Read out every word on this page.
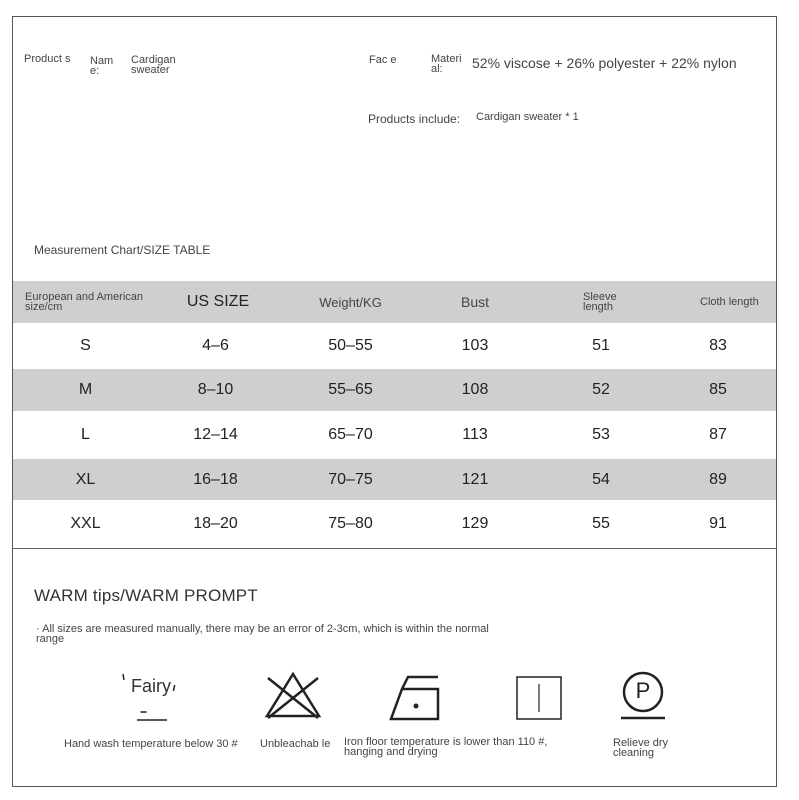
Product s	Nam e:
Cardigan sweater
Fac e	Materi al:	52% viscose + 26% polyester + 22% nylon
Products include:	Cardigan sweater * 1
Measurement Chart/SIZE TABLE
European and American size/cm	US SIZE	Weight/KG	Bust	Sleeve length	Cloth length
S	4–6	50–55	103	51	83
M	8–10	55–65	108	52	85
L	12–14	65–70	113	53	87
XL	16–18	70–75	121	54	89
XXL	18–20	75–80	129	55	91
WARM tips/WARM PROMPT
· All sizes are measured manually, there may be an error of 2-3cm, which is within the normal range
Fairy	P
Hand wash temperature below 30 # Unbleachab le Iron floor temperature is lower than 110 #, hanging and drying
Relieve dry cleaning
